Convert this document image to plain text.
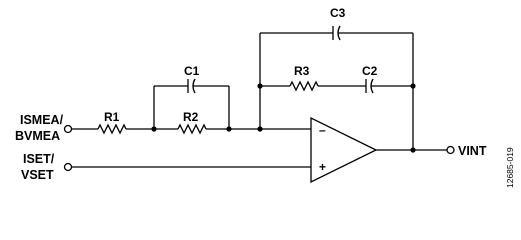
ISMEA/
BVMEA
ISET/
VSET
R1	R2
C1
C3
R3	C2
–
+
VINT 12685-019
